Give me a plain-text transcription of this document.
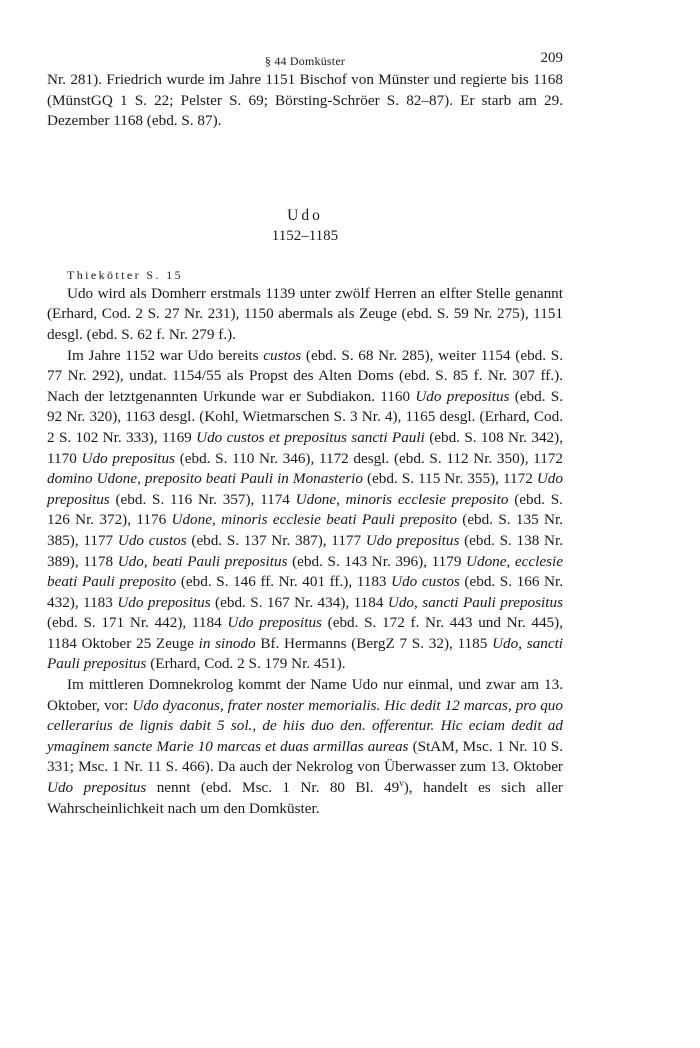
§ 44 Domküster	209

Nr. 281). Friedrich wurde im Jahre 1151 Bischof von Münster und regierte bis 1168 (MünstGQ 1 S. 22; Pelster S. 69; Börsting-Schröer S. 82–87). Er starb am 29. Dezember 1168 (ebd. S. 87).

Udo
1152–1185
Thiekötter S. 15

Udo wird als Domherr erstmals 1139 unter zwölf Herren an elfter Stelle genannt (Erhard, Cod. 2 S. 27 Nr. 231), 1150 abermals als Zeuge (ebd. S. 59 Nr. 275), 1151 desgl. (ebd. S. 62 f. Nr. 279 f.).

Im Jahre 1152 war Udo bereits custos (ebd. S. 68 Nr. 285), weiter 1154 (ebd. S. 77 Nr. 292), undat. 1154/55 als Propst des Alten Doms (ebd. S. 85 f. Nr. 307 ff.). Nach der letztgenannten Urkunde war er Subdiakon. 1160 Udo prepositus (ebd. S. 92 Nr. 320), 1163 desgl. (Kohl, Wietmarschen S. 3 Nr. 4), 1165 desgl. (Erhard, Cod. 2 S. 102 Nr. 333), 1169 Udo custos et prepositus sancti Pauli (ebd. S. 108 Nr. 342), 1170 Udo prepositus (ebd. S. 110 Nr. 346), 1172 desgl. (ebd. S. 112 Nr. 350), 1172 domino Udone, preposito beati Pauli in Monasterio (ebd. S. 115 Nr. 355), 1172 Udo prepositus (ebd. S. 116 Nr. 357), 1174 Udone, minoris ecclesie preposito (ebd. S. 126 Nr. 372), 1176 Udone, minoris ecclesie beati Pauli preposito (ebd. S. 135 Nr. 385), 1177 Udo custos (ebd. S. 137 Nr. 387), 1177 Udo prepositus (ebd. S. 138 Nr. 389), 1178 Udo, beati Pauli prepositus (ebd. S. 143 Nr. 396), 1179 Udone, ecclesie beati Pauli preposito (ebd. S. 146 ff. Nr. 401 ff.), 1183 Udo custos (ebd. S. 166 Nr. 432), 1183 Udo prepositus (ebd. S. 167 Nr. 434), 1184 Udo, sancti Pauli prepositus (ebd. S. 171 Nr. 442), 1184 Udo prepositus (ebd. S. 172 f. Nr. 443 und Nr. 445), 1184 Oktober 25 Zeuge in sinodo Bf. Hermanns (BergZ 7 S. 32), 1185 Udo, sancti Pauli prepositus (Erhard, Cod. 2 S. 179 Nr. 451).

Im mittleren Domnekrolog kommt der Name Udo nur einmal, und zwar am 13. Oktober, vor: Udo dyaconus, frater noster memorialis. Hic dedit 12 marcas, pro quo cellerarius de lignis dabit 5 sol., de hiis duo den. offerentur. Hic eciam dedit ad ymaginem sancte Marie 10 marcas et duas armillas aureas (StAM, Msc. 1 Nr. 10 S. 331; Msc. 1 Nr. 11 S. 466). Da auch der Nekrolog von Überwasser zum 13. Oktober Udo prepositus nennt (ebd. Msc. 1 Nr. 80 Bl. 49$^v$), handelt es sich aller Wahrscheinlichkeit nach um den Domküster.
